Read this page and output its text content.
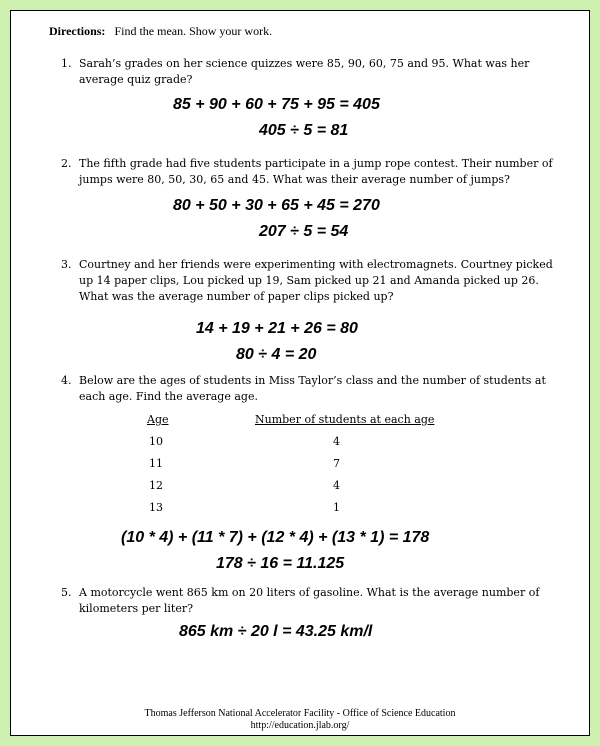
Directions: Find the mean. Show your work.
1. Sarah’s grades on her science quizzes were 85, 90, 60, 75 and 95. What was her average quiz grade?
85 + 90 + 60 + 75 + 95 = 405
405 ÷ 5 = 81
2. The fifth grade had five students participate in a jump rope contest. Their number of jumps were 80, 50, 30, 65 and 45. What was their average number of jumps?
80 + 50 + 30 + 65 + 45 = 270
207 ÷ 5 = 54
3. Courtney and her friends were experimenting with electromagnets. Courtney picked up 14 paper clips, Lou picked up 19, Sam picked up 21 and Amanda picked up 26. What was the average number of paper clips picked up?
14 + 19 + 21 + 26 = 80
80 ÷ 4 = 20
4. Below are the ages of students in Miss Taylor’s class and the number of students at each age. Find the average age.
Age	Number of students at each age
10	4
11	7
12	4
13	1
(10 * 4) + (11 * 7) + (12 * 4) + (13 * 1) = 178
178 ÷ 16 = 11.125
5. A motorcycle went 865 km on 20 liters of gasoline. What is the average number of kilometers per liter?
865 km ÷ 20 l = 43.25 km/l
Thomas Jefferson National Accelerator Facility - Office of Science Education
http://education.jlab.org/
